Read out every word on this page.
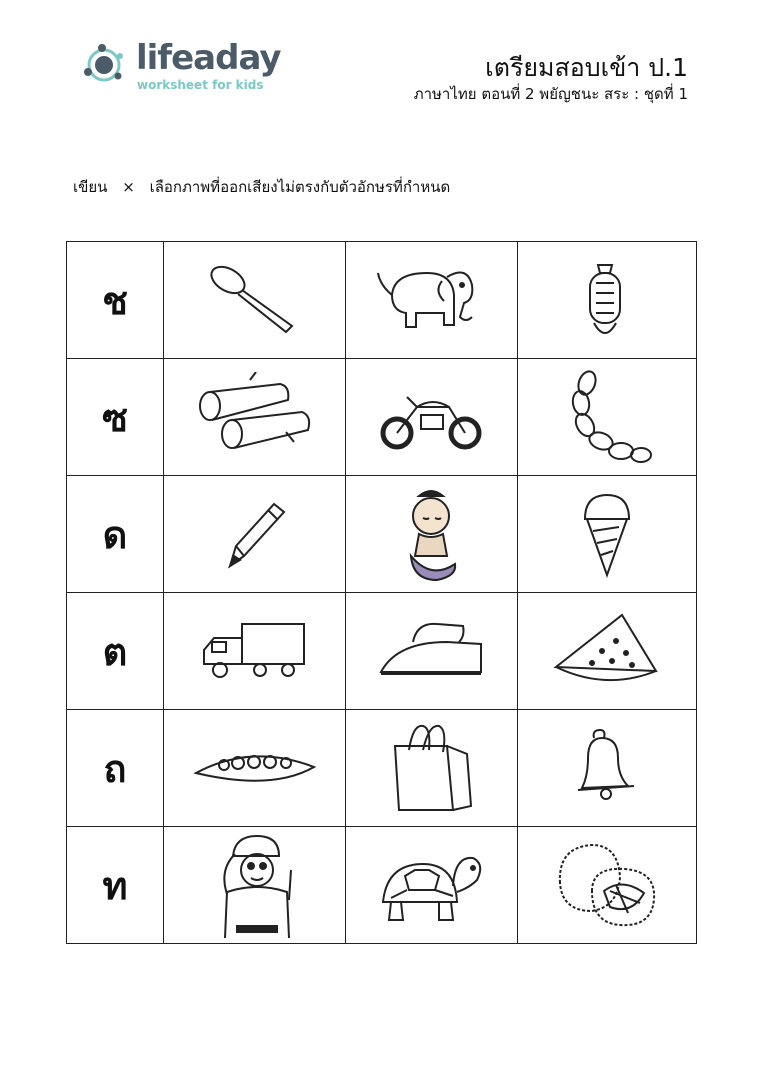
lifeaday
worksheet for kids
เตรียมสอบเข้า ป.1
ภาษาไทย ตอนที่ 2 พยัญชนะ สระ : ชุดที่ 1
เขียน × เลือกภาพที่ออกเสียงไม่ตรงกับตัวอักษรที่กำหนด
ช	

ซ	

ด	

ต	

ถ	

ท	
